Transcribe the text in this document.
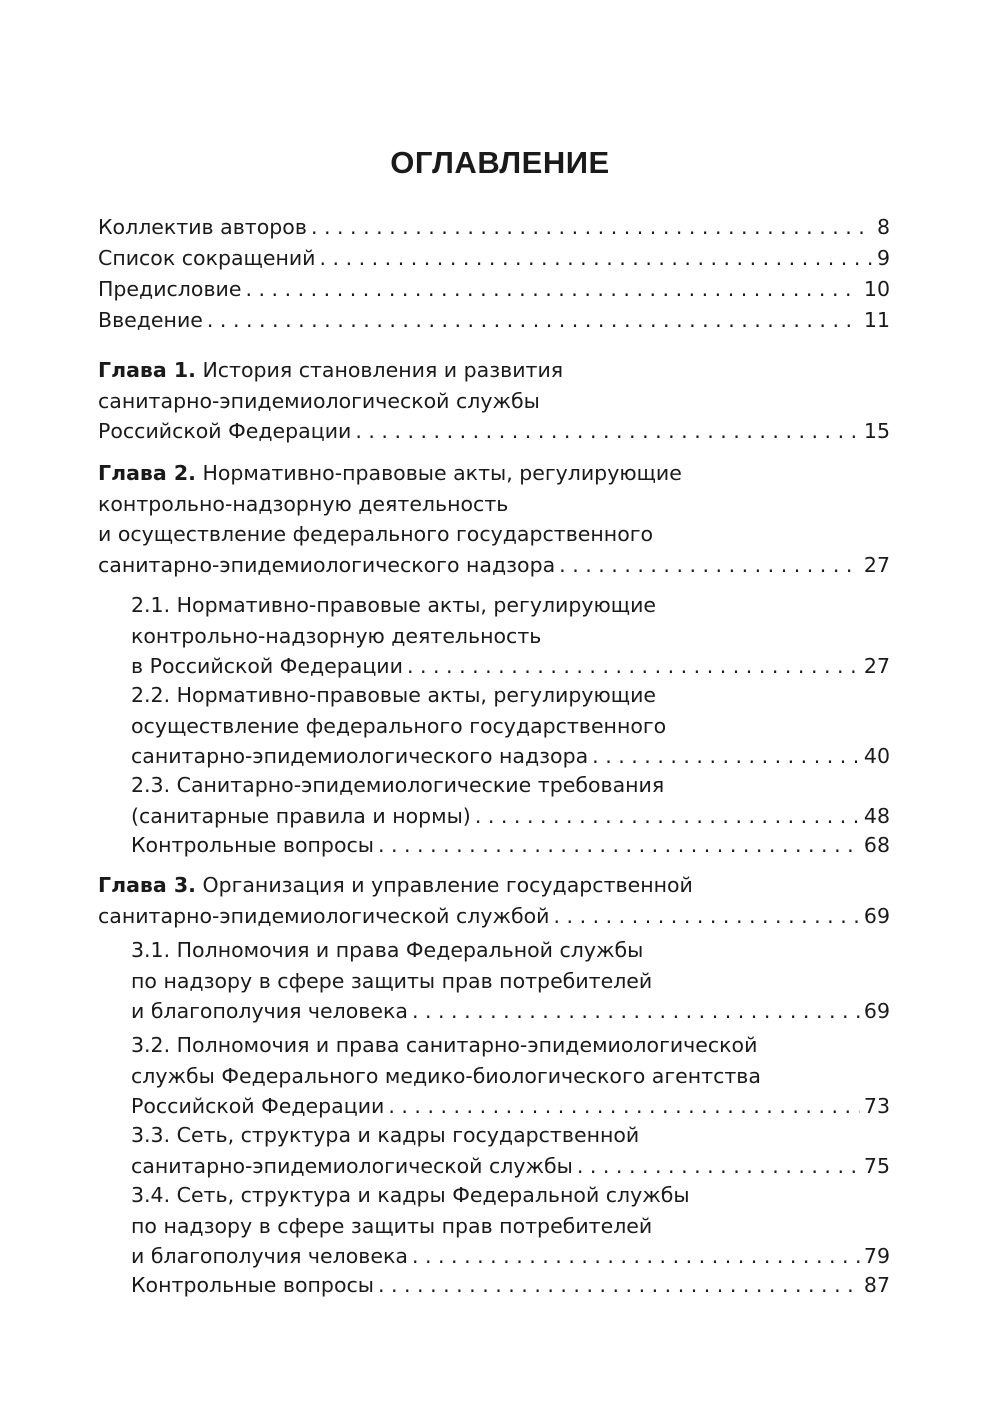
ОГЛАВЛЕНИЕ
Коллектив авторов . . .	8
Список сокращений . . .	9
Предисловие . . .	10
Введение . . .	11
Глава 1. История становления и развития
санитарно-эпидемиологической службы
Российской Федерации . . .	15
Глава 2. Нормативно-правовые акты, регулирующие
контрольно-надзорную деятельность
и осуществление федерального государственного
санитарно-эпидемиологического надзора . . .	27
2.1. Нормативно-правовые акты, регулирующие
контрольно-надзорную деятельность
в Российской Федерации . . .	27
2.2. Нормативно-правовые акты, регулирующие
осуществление федерального государственного
санитарно-эпидемиологического надзора . . .	40
2.3. Санитарно-эпидемиологические требования
(санитарные правила и нормы) . . .	48
Контрольные вопросы . . .	68
Глава 3. Организация и управление государственной
санитарно-эпидемиологической службой . . .	69
3.1. Полномочия и права Федеральной службы
по надзору в сфере защиты прав потребителей
и благополучия человека . . .	69
3.2. Полномочия и права санитарно-эпидемиологической
службы Федерального медико-биологического агентства
Российской Федерации . . .	73
3.3. Сеть, структура и кадры государственной
санитарно-эпидемиологической службы . . .	75
3.4. Сеть, структура и кадры Федеральной службы
по надзору в сфере защиты прав потребителей
и благополучия человека . . .	79
Контрольные вопросы . . .	87
